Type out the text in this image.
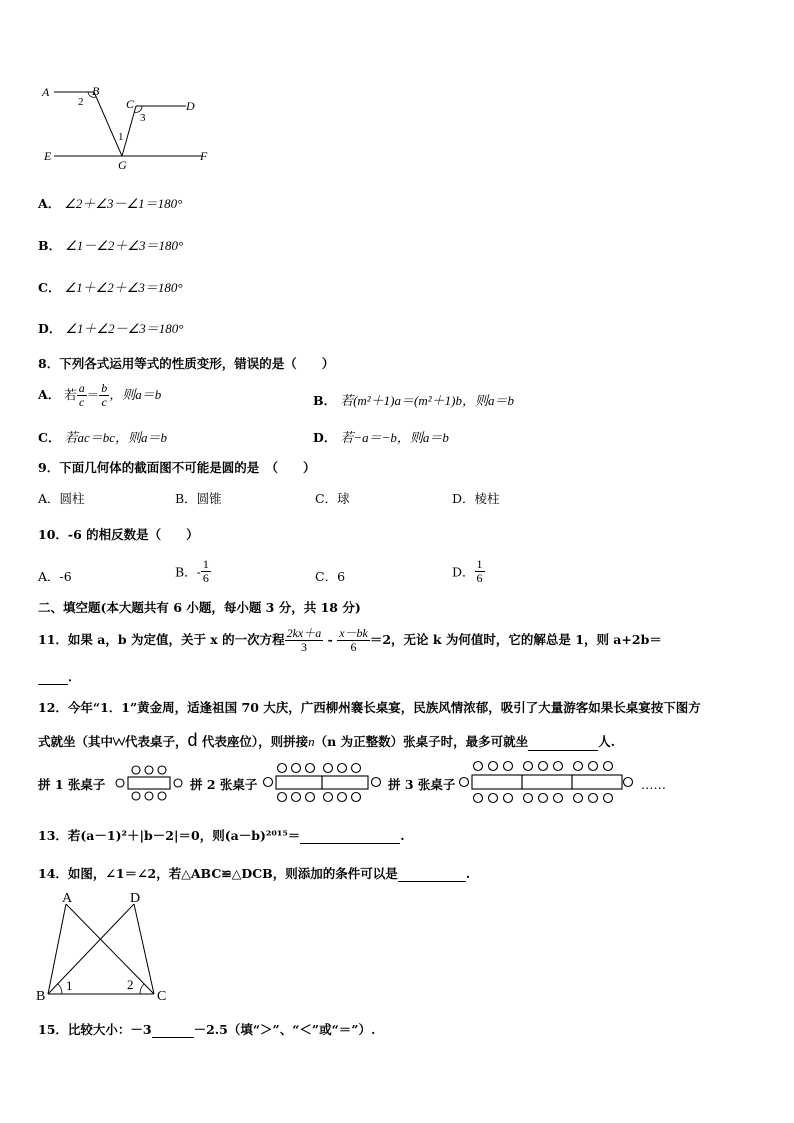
A	B
C	D
E	F
G
1
2
3
A． ∠2＋∠3－∠1＝180°
B． ∠1－∠2＋∠3＝180°
C． ∠1＋∠2＋∠3＝180°
D． ∠1＋∠2－∠3＝180°
8．下列各式运用等式的性质变形，错误的是（　　）
A． 若 $\frac{a}{c} = \frac{b}{c}$ ，则a＝b	B． 若(m²＋1)a＝(m²＋1)b，则a＝b
C． 若ac＝bc，则a＝b	D． 若−a＝−b，则a＝b
9．下面几何体的截面图不可能是圆的是　（　　）
A．圆柱	B．圆锥	C．球	D．棱柱
10．-6 的相反数是（　　）
A．-6	B．- $\frac{1}{6}$	C．6	D． $\frac{1}{6}$
二、填空题(本大题共有 6 小题，每小题 3 分，共 18 分)
11．如果 a，b 为定值，关于 x 的一次方程 $\frac{2kx+a}{3} - \frac{x-bk}{6} =2$，无论 k 为何值时，它的解总是 1，则 a+2b＝
．
12．今年“1．1”黄金周，适逢祖国 70 大庆，广西柳州褰长桌宴，民族风情浓郁，吸引了大量游客如果长桌宴按下图方
式就坐（其中 代表桌子，d 代表座位），则拼接n（n 为正整数）张桌子时，最多可就坐	人.
拼 1 张桌子	拼 2 张桌子	拼 3 张桌子	……
13．若(a－1)²＋|b－2|＝0，则(a－b)²⁰¹⁵＝	.
14．如图，∠1＝∠2，若△ABC≌△DCB，则添加的条件可以是	.
A	D
B	C
1	2
15．比较大小：－3	－2.5（填“＞”、“＜”或“＝”）.
